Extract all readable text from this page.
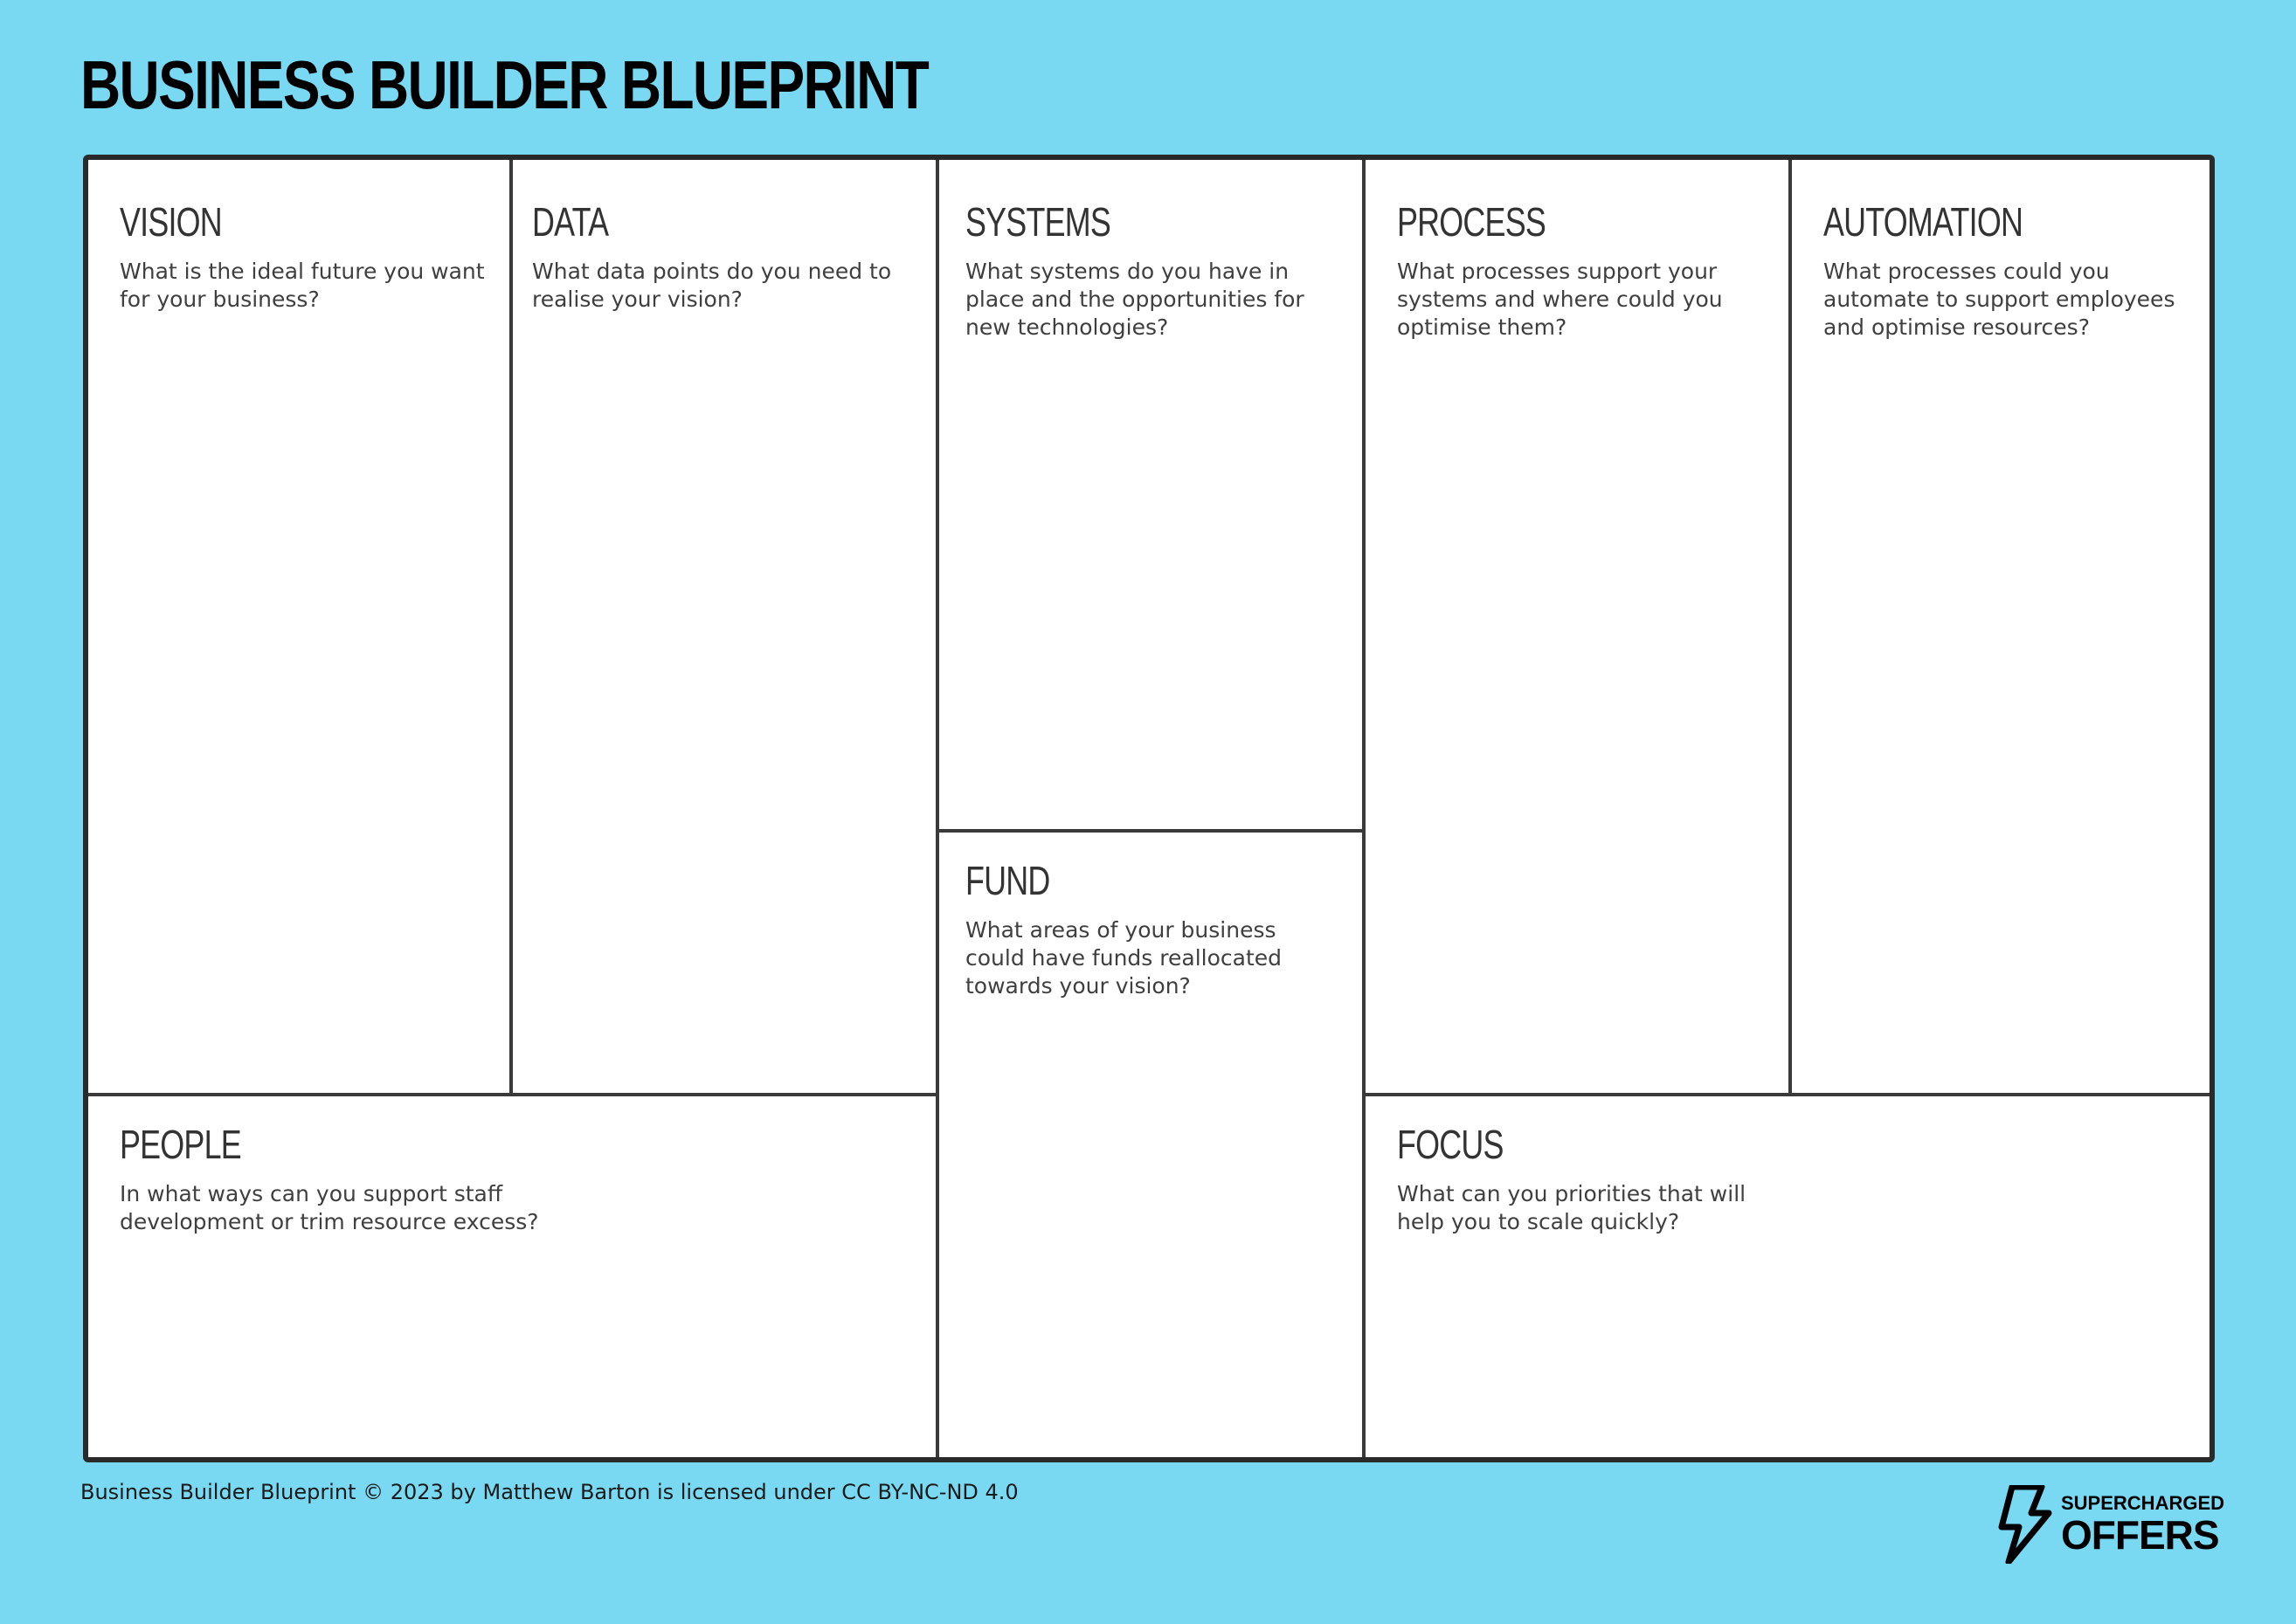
BUSINESS BUILDER BLUEPRINT
VISION
What is the ideal future you want for your business?
DATA
What data points do you need to realise your vision?
SYSTEMS
What systems do you have in place and the opportunities for new technologies?
PROCESS
What processes support your systems and where could you optimise them?
AUTOMATION
What processes could you automate to support employees and optimise resources?
FUND
What areas of your business could have funds reallocated towards your vision?
PEOPLE
In what ways can you support staff development or trim resource excess?
FOCUS
What can you priorities that will help you to scale quickly?
Business Builder Blueprint © 2023 by Matthew Barton is licensed under CC BY-NC-ND 4.0	SUPERCHARGED
OFFERS
